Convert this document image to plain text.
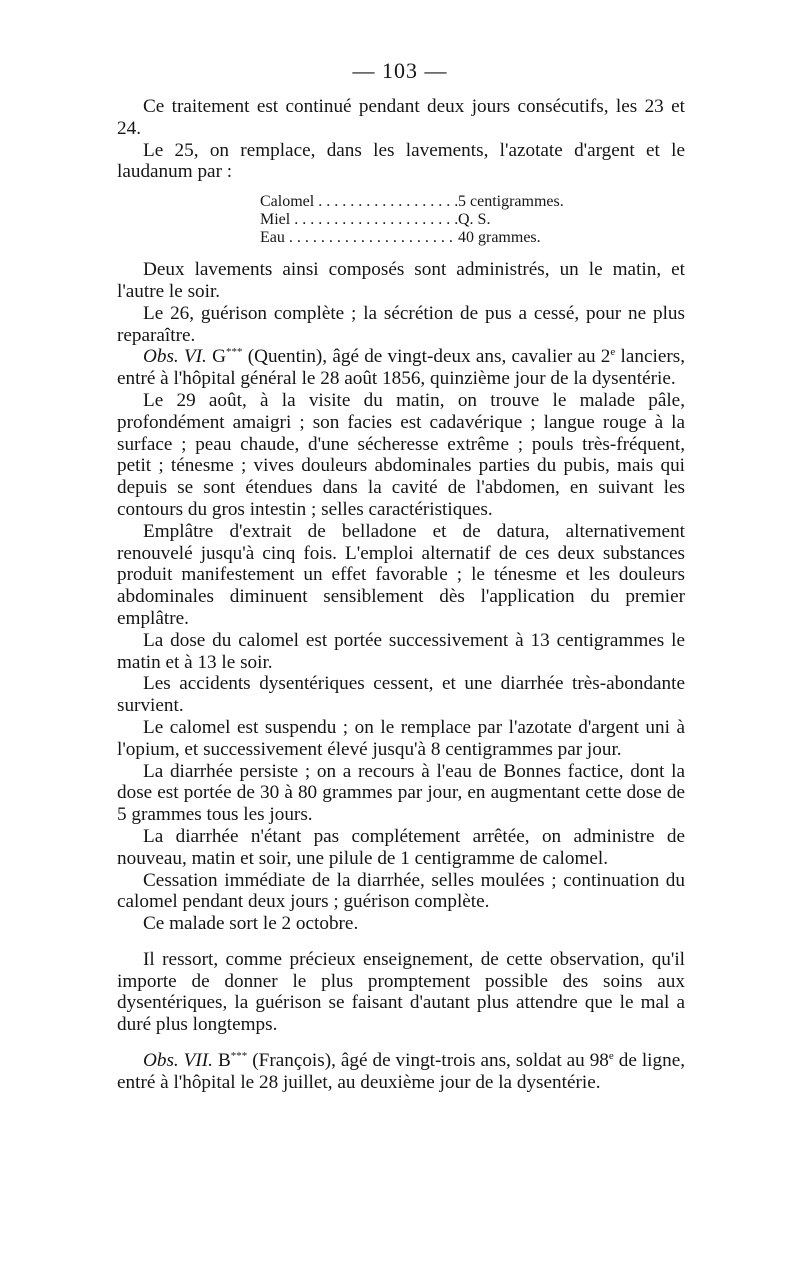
— 103 —

Ce traitement est continué pendant deux jours consécutifs, les 23 et 24.

Le 25, on remplace, dans les lavements, l'azotate d'argent et le laudanum par :

Calomel . . .	5 centigrammes.
Miel . . .	Q. S.
Eau . . .	40 grammes.

Deux lavements ainsi composés sont administrés, un le matin, et l'autre le soir.

Le 26, guérison complète ; la sécrétion de pus a cessé, pour ne plus reparaître.

Obs. VI. G*** (Quentin), âgé de vingt-deux ans, cavalier au 2e lanciers, entré à l'hôpital général le 28 août 1856, quinzième jour de la dysentérie.

Le 29 août, à la visite du matin, on trouve le malade pâle, profondément amaigri ; son facies est cadavérique ; langue rouge à la surface ; peau chaude, d'une sécheresse extrême ; pouls très-fréquent, petit ; ténesme ; vives douleurs abdominales parties du pubis, mais qui depuis se sont étendues dans la cavité de l'abdomen, en suivant les contours du gros intestin ; selles caractéristiques.

Emplâtre d'extrait de belladone et de datura, alternativement renouvelé jusqu'à cinq fois. L'emploi alternatif de ces deux substances produit manifestement un effet favorable ; le ténesme et les douleurs abdominales diminuent sensiblement dès l'application du premier emplâtre.

La dose du calomel est portée successivement à 13 centigrammes le matin et à 13 le soir.

Les accidents dysentériques cessent, et une diarrhée très-abondante survient.

Le calomel est suspendu ; on le remplace par l'azotate d'argent uni à l'opium, et successivement élevé jusqu'à 8 centigrammes par jour.

La diarrhée persiste ; on a recours à l'eau de Bonnes factice, dont la dose est portée de 30 à 80 grammes par jour, en augmentant cette dose de 5 grammes tous les jours.

La diarrhée n'étant pas complétement arrêtée, on administre de nouveau, matin et soir, une pilule de 1 centigramme de calomel.

Cessation immédiate de la diarrhée, selles moulées ; continuation du calomel pendant deux jours ; guérison complète.

Ce malade sort le 2 octobre.

Il ressort, comme précieux enseignement, de cette observation, qu'il importe de donner le plus promptement possible des soins aux dysentériques, la guérison se faisant d'autant plus attendre que le mal a duré plus longtemps.

Obs. VII. B*** (François), âgé de vingt-trois ans, soldat au 98e de ligne, entré à l'hôpital le 28 juillet, au deuxième jour de la dysentérie.
